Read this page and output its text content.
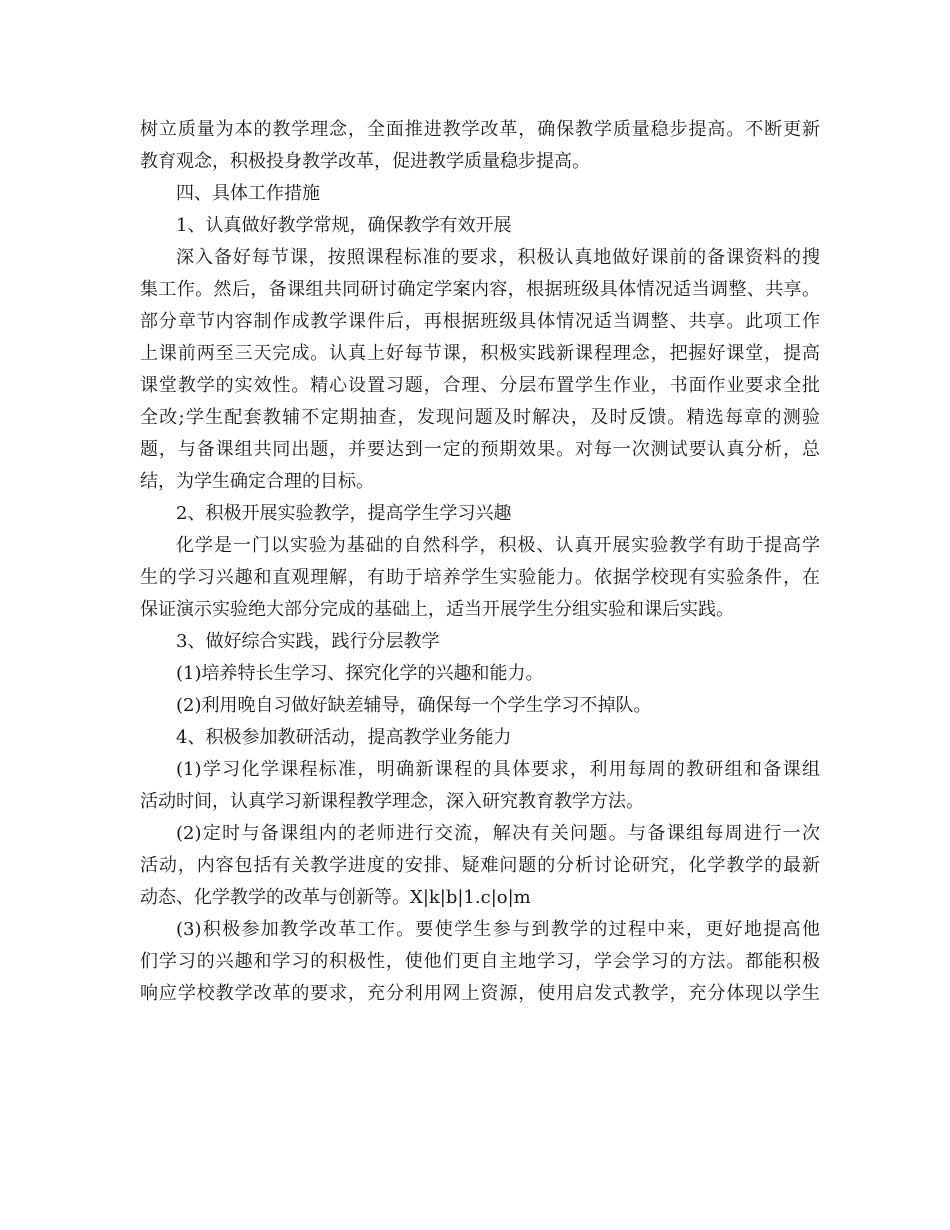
树立质量为本的教学理念，全面推进教学改革，确保教学质量稳步提高。不断更新
教育观念，积极投身教学改革，促进教学质量稳步提高。
四、具体工作措施
1、认真做好教学常规，确保教学有效开展
深入备好每节课，按照课程标准的要求，积极认真地做好课前的备课资料的搜
集工作。然后，备课组共同研讨确定学案内容，根据班级具体情况适当调整、共享。
部分章节内容制作成教学课件后，再根据班级具体情况适当调整、共享。此项工作
上课前两至三天完成。认真上好每节课，积极实践新课程理念，把握好课堂，提高
课堂教学的实效性。精心设置习题，合理、分层布置学生作业，书面作业要求全批
全改;学生配套教辅不定期抽查，发现问题及时解决，及时反馈。精选每章的测验
题，与备课组共同出题，并要达到一定的预期效果。对每一次测试要认真分析，总
结，为学生确定合理的目标。
2、积极开展实验教学，提高学生学习兴趣
化学是一门以实验为基础的自然科学，积极、认真开展实验教学有助于提高学
生的学习兴趣和直观理解，有助于培养学生实验能力。依据学校现有实验条件，在
保证演示实验绝大部分完成的基础上，适当开展学生分组实验和课后实践。
3、做好综合实践，践行分层教学
(1)培养特长生学习、探究化学的兴趣和能力。
(2)利用晚自习做好缺差辅导，确保每一个学生学习不掉队。
4、积极参加教研活动，提高教学业务能力
(1)学习化学课程标准，明确新课程的具体要求，利用每周的教研组和备课组
活动时间，认真学习新课程教学理念，深入研究教育教学方法。
(2)定时与备课组内的老师进行交流，解决有关问题。与备课组每周进行一次
活动，内容包括有关教学进度的安排、疑难问题的分析讨论研究，化学教学的最新
动态、化学教学的改革与创新等。X|k|b|1.c|o|m
(3)积极参加教学改革工作。要使学生参与到教学的过程中来，更好地提高他
们学习的兴趣和学习的积极性，使他们更自主地学习，学会学习的方法。都能积极
响应学校教学改革的要求，充分利用网上资源，使用启发式教学，充分体现以学生
